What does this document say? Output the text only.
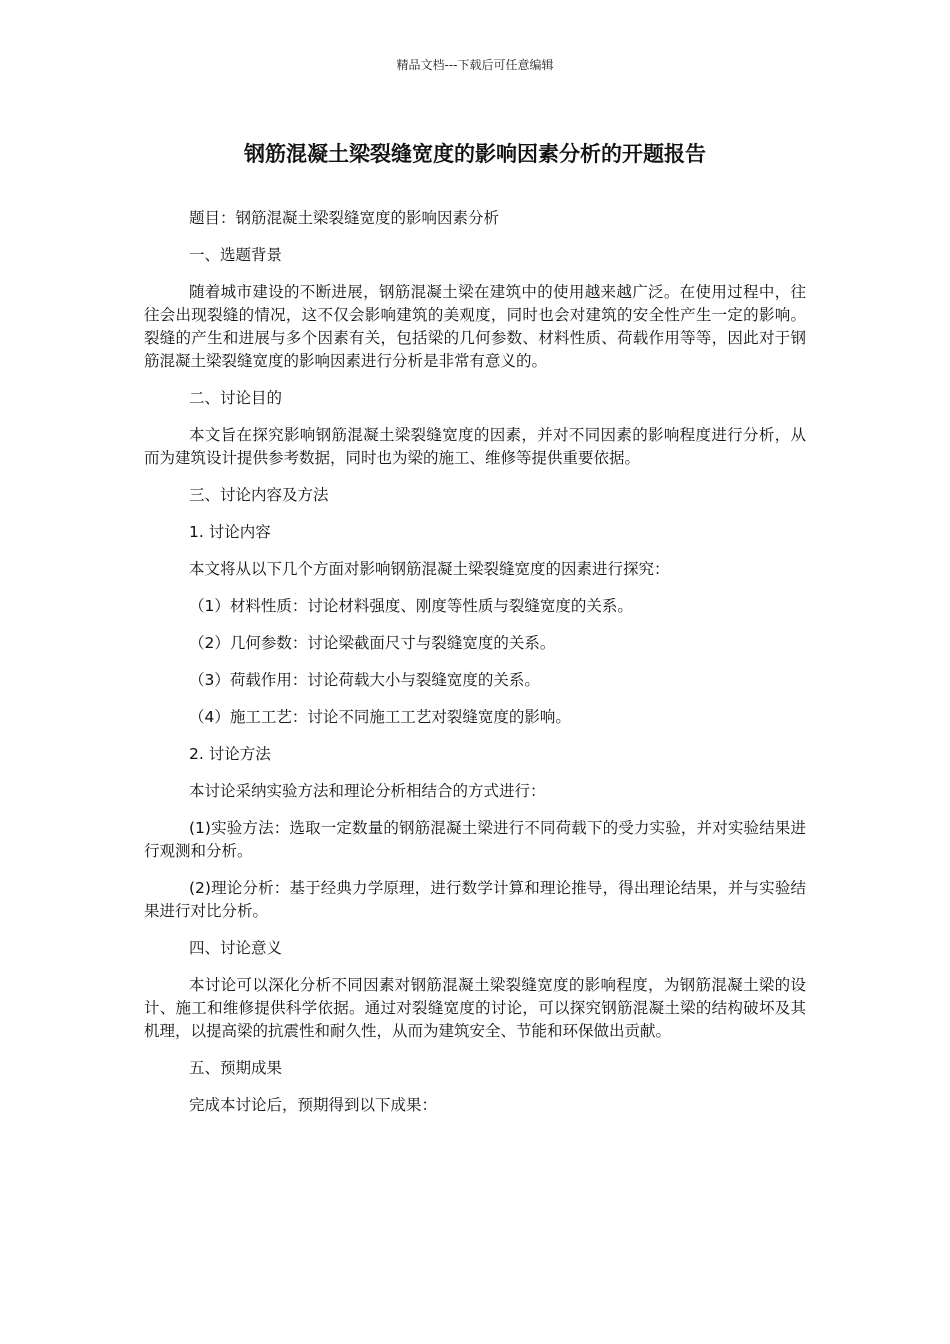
精品文档---下载后可任意编辑
钢筋混凝土梁裂缝宽度的影响因素分析的开题报告

题目：钢筋混凝土梁裂缝宽度的影响因素分析

一、选题背景

随着城市建设的不断进展，钢筋混凝土梁在建筑中的使用越来越广泛。在使用过程中，往往会出现裂缝的情况，这不仅会影响建筑的美观度，同时也会对建筑的安全性产生一定的影响。裂缝的产生和进展与多个因素有关，包括梁的几何参数、材料性质、荷载作用等等，因此对于钢筋混凝土梁裂缝宽度的影响因素进行分析是非常有意义的。

二、讨论目的

本文旨在探究影响钢筋混凝土梁裂缝宽度的因素，并对不同因素的影响程度进行分析，从而为建筑设计提供参考数据，同时也为梁的施工、维修等提供重要依据。

三、讨论内容及方法

1. 讨论内容

本文将从以下几个方面对影响钢筋混凝土梁裂缝宽度的因素进行探究：

（1）材料性质：讨论材料强度、刚度等性质与裂缝宽度的关系。

（2）几何参数：讨论梁截面尺寸与裂缝宽度的关系。

（3）荷载作用：讨论荷载大小与裂缝宽度的关系。

（4）施工工艺：讨论不同施工工艺对裂缝宽度的影响。

2. 讨论方法

本讨论采纳实验方法和理论分析相结合的方式进行：

(1)实验方法：选取一定数量的钢筋混凝土梁进行不同荷载下的受力实验，并对实验结果进行观测和分析。

(2)理论分析：基于经典力学原理，进行数学计算和理论推导，得出理论结果，并与实验结果进行对比分析。

四、讨论意义

本讨论可以深化分析不同因素对钢筋混凝土梁裂缝宽度的影响程度，为钢筋混凝土梁的设计、施工和维修提供科学依据。通过对裂缝宽度的讨论，可以探究钢筋混凝土梁的结构破坏及其机理，以提高梁的抗震性和耐久性，从而为建筑安全、节能和环保做出贡献。

五、预期成果

完成本讨论后，预期得到以下成果：
